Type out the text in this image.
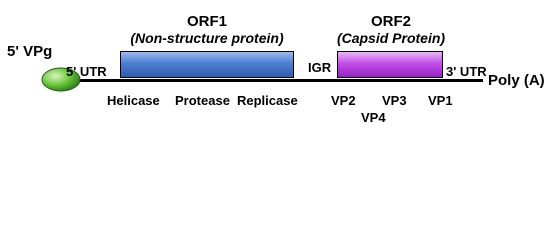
ORF1
(Non-structure protein)
ORF2
(Capsid Protein)
5' VPg
5' UTR	IGR	3' UTR
Poly (A)
Helicase Protease Replicase	VP2 VP3 VP1
VP4
